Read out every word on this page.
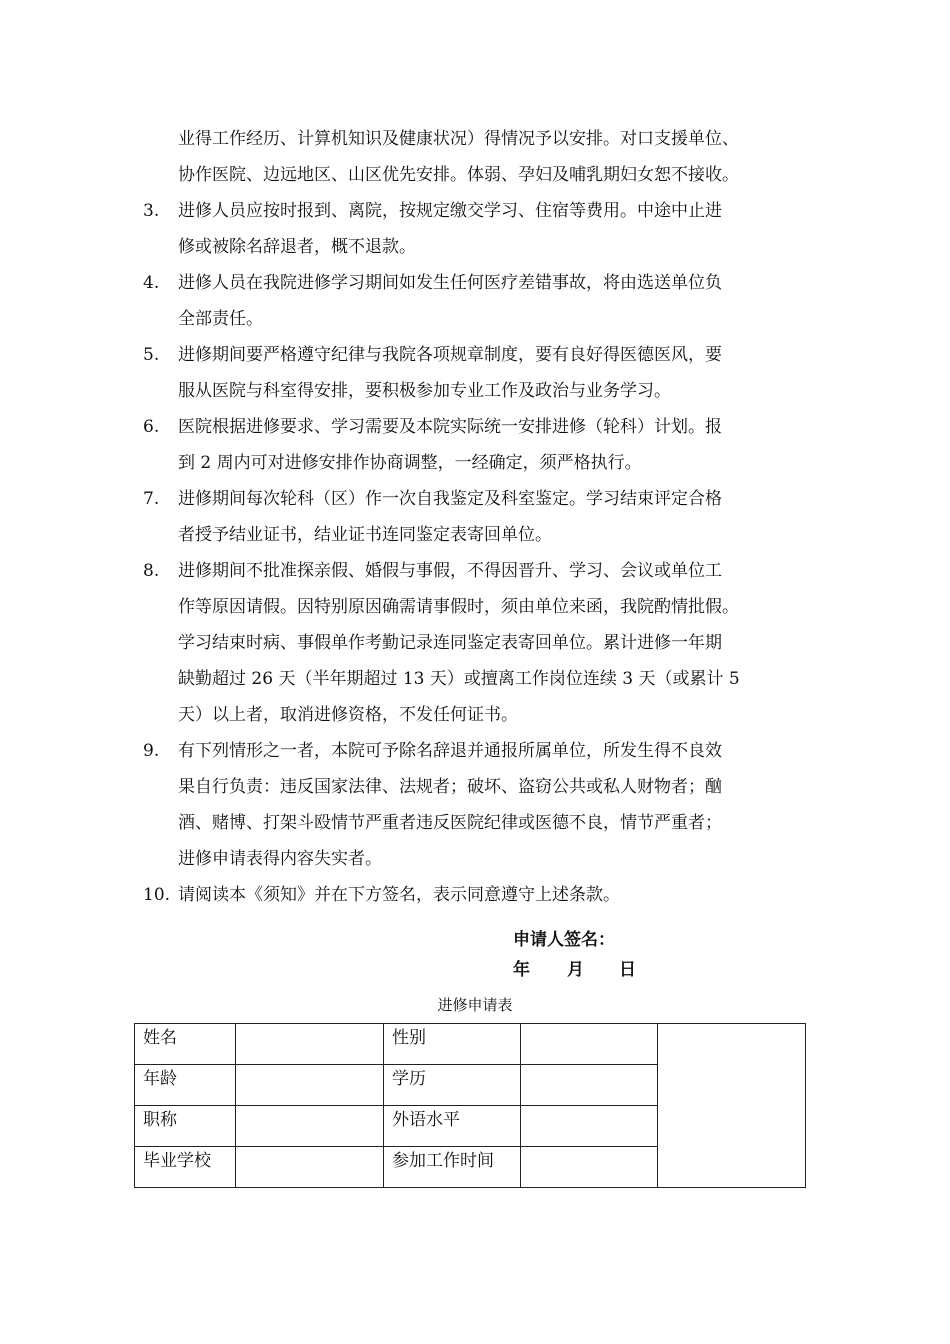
业得工作经历、计算机知识及健康状况）得情况予以安排。对口支援单位、
协作医院、边远地区、山区优先安排。体弱、孕妇及哺乳期妇女恕不接收。
3. 进修人员应按时报到、离院，按规定缴交学习、住宿等费用。中途中止进
修或被除名辞退者，概不退款。
4. 进修人员在我院进修学习期间如发生任何医疗差错事故，将由选送单位负
全部责任。
5. 进修期间要严格遵守纪律与我院各项规章制度，要有良好得医德医风，要
服从医院与科室得安排，要积极参加专业工作及政治与业务学习。
6. 医院根据进修要求、学习需要及本院实际统一安排进修（轮科）计划。报
到 2 周内可对进修安排作协商调整，一经确定，须严格执行。
7. 进修期间每次轮科（区）作一次自我鉴定及科室鉴定。学习结束评定合格
者授予结业证书，结业证书连同鉴定表寄回单位。
8. 进修期间不批准探亲假、婚假与事假，不得因晋升、学习、会议或单位工
作等原因请假。因特别原因确需请事假时，须由单位来函，我院酌情批假。
学习结束时病、事假单作考勤记录连同鉴定表寄回单位。累计进修一年期
缺勤超过 26 天（半年期超过 13 天）或擅离工作岗位连续 3 天（或累计 5
天）以上者，取消进修资格，不发任何证书。
9. 有下列情形之一者，本院可予除名辞退并通报所属单位，所发生得不良效
果自行负责：违反国家法律、法规者；破坏、盗窃公共或私人财物者；酗
酒、赌博、打架斗殴情节严重者违反医院纪律或医德不良，情节严重者；
进修申请表得内容失实者。
10. 请阅读本《须知》并在下方签名，表示同意遵守上述条款。
申请人签名：
年	月	日
进修申请表
姓名		性别		
年龄		学历		
职称		外语水平		
毕业学校		参加工作时间		
